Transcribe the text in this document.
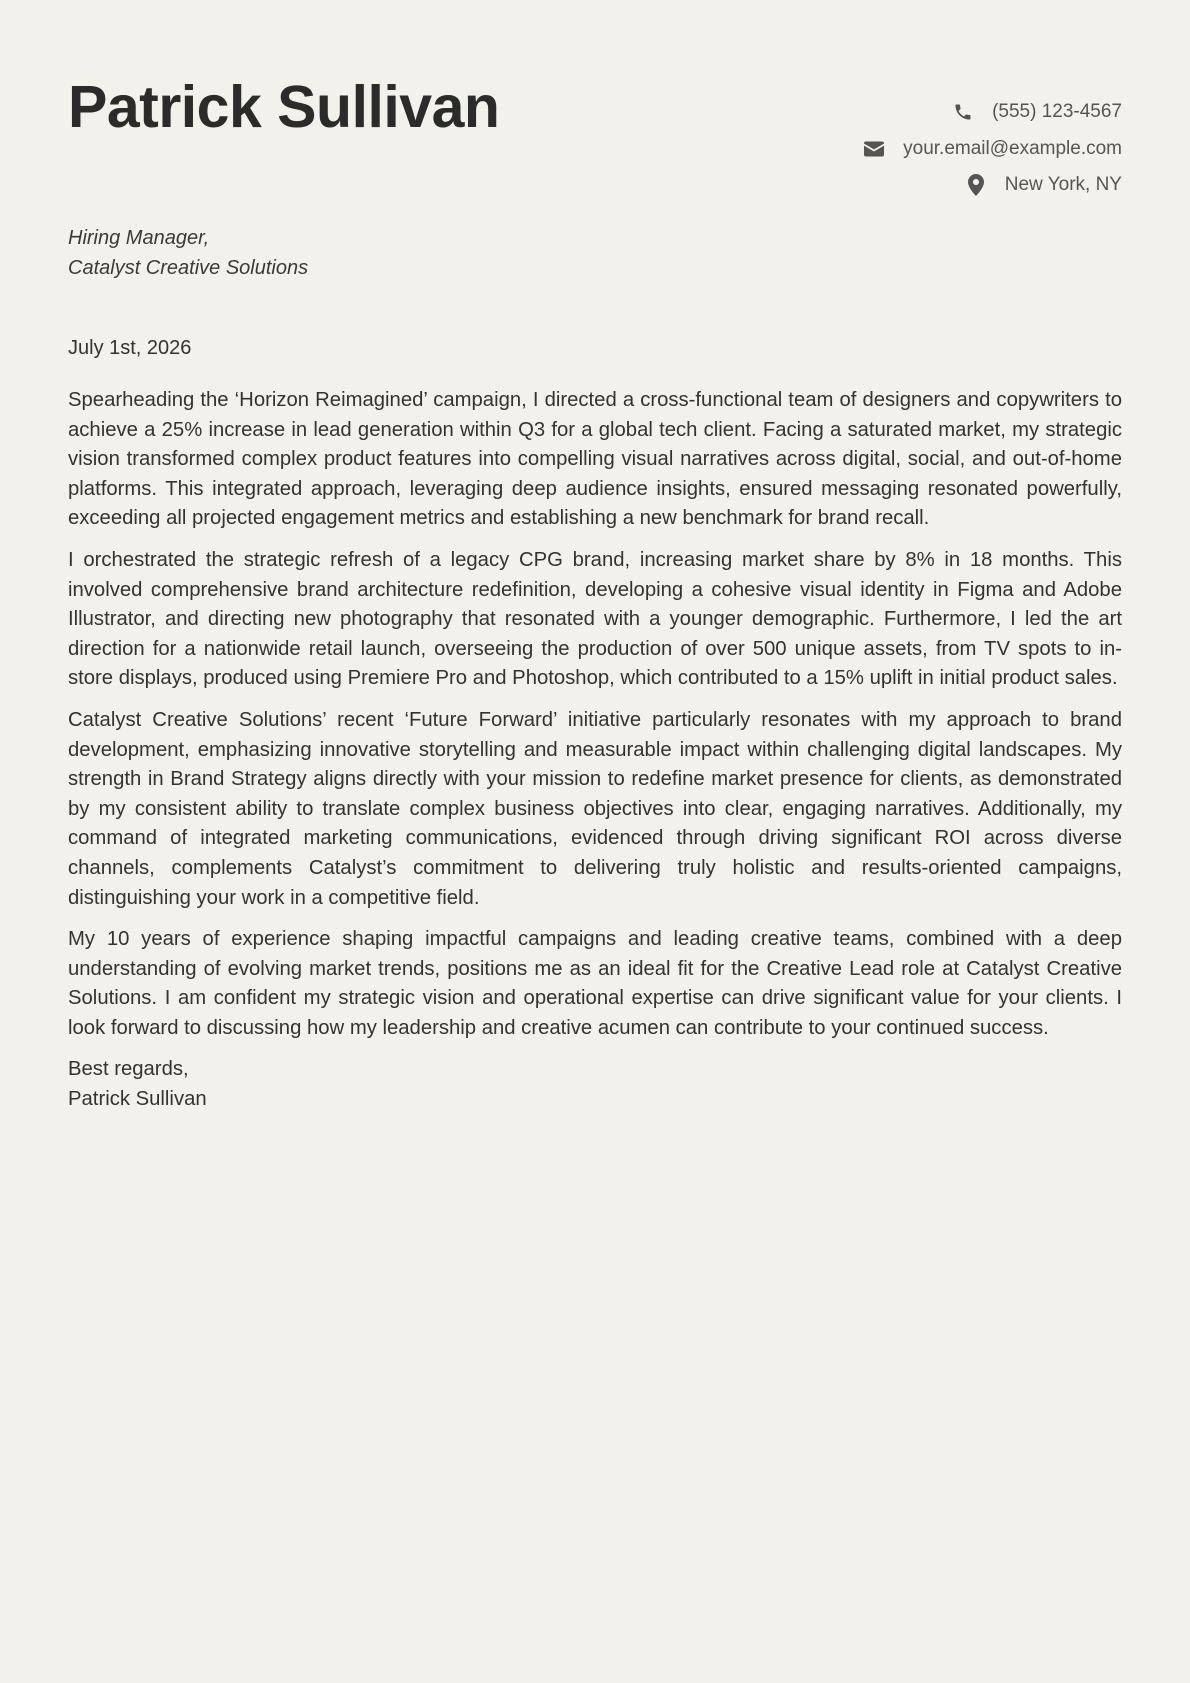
Patrick Sullivan	(555) 123-4567
your.email@example.com
New York, NY
Hiring Manager,
Catalyst Creative Solutions
July 1st, 2026

Spearheading the ‘Horizon Reimagined’ campaign, I directed a cross-functional team of designers and copywriters to achieve a 25% increase in lead generation within Q3 for a global tech client. Facing a saturated market, my strategic vision transformed complex product features into compelling visual narratives across digital, social, and out-of-home platforms. This integrated approach, leveraging deep audience insights, ensured messaging resonated powerfully, exceeding all projected engagement metrics and establishing a new benchmark for brand recall.

I orchestrated the strategic refresh of a legacy CPG brand, increasing market share by 8% in 18 months. This involved comprehensive brand architecture redefinition, developing a cohesive visual identity in Figma and Adobe Illustrator, and directing new photography that resonated with a younger demographic. Furthermore, I led the art direction for a nationwide retail launch, overseeing the production of over 500 unique assets, from TV spots to in-store displays, produced using Premiere Pro and Photoshop, which contributed to a 15% uplift in initial product sales.

Catalyst Creative Solutions’ recent ‘Future Forward’ initiative particularly resonates with my approach to brand development, emphasizing innovative storytelling and measurable impact within challenging digital landscapes. My strength in Brand Strategy aligns directly with your mission to redefine market presence for clients, as demonstrated by my consistent ability to translate complex business objectives into clear, engaging narratives. Additionally, my command of integrated marketing communications, evidenced through driving significant ROI across diverse channels, complements Catalyst’s commitment to delivering truly holistic and results-oriented campaigns, distinguishing your work in a competitive field.

My 10 years of experience shaping impactful campaigns and leading creative teams, combined with a deep understanding of evolving market trends, positions me as an ideal fit for the Creative Lead role at Catalyst Creative Solutions. I am confident my strategic vision and operational expertise can drive significant value for your clients. I look forward to discussing how my leadership and creative acumen can contribute to your continued success.

Best regards,
Patrick Sullivan
